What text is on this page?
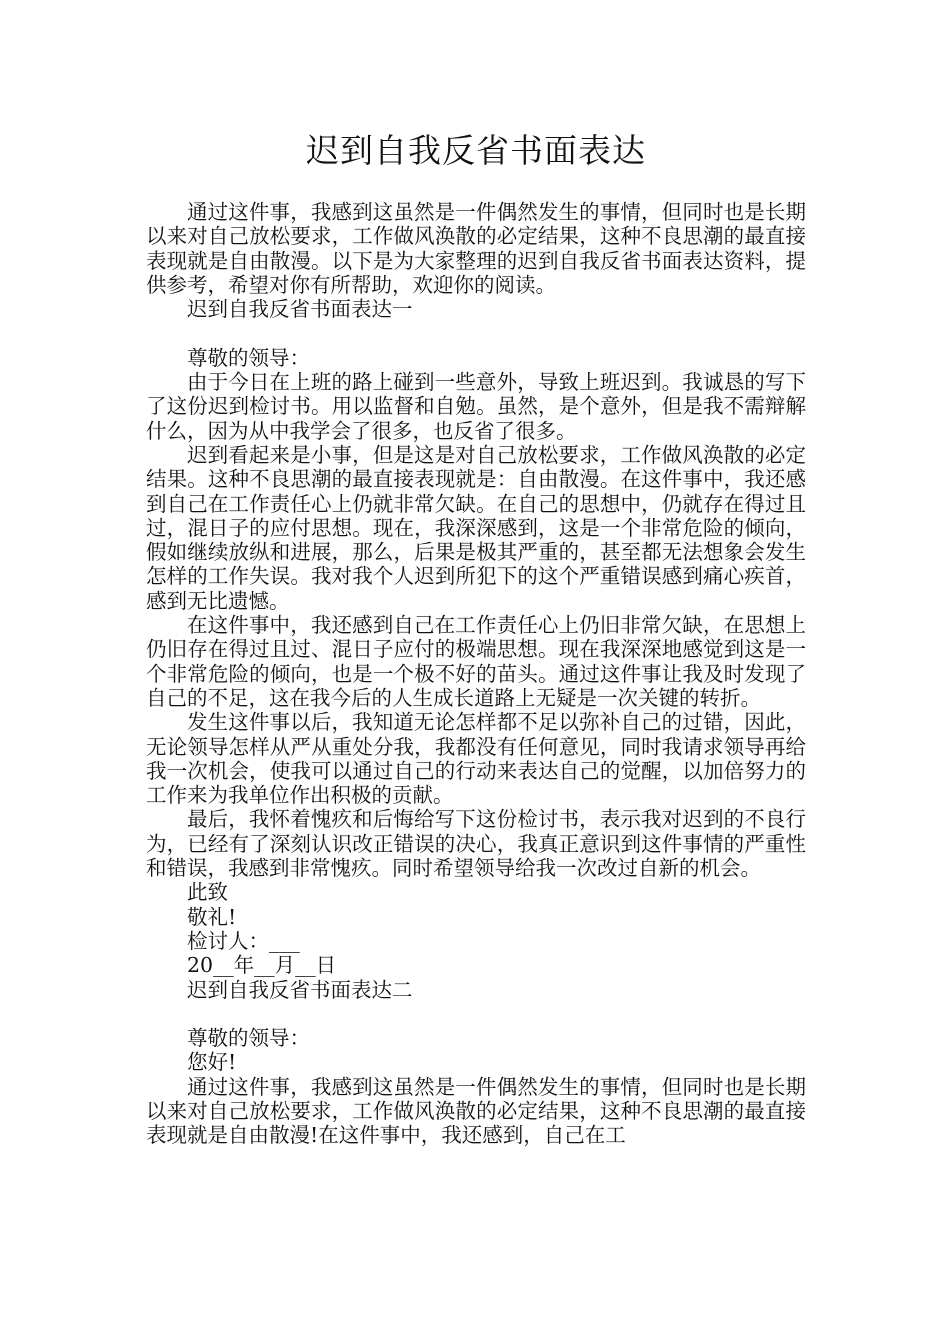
迟到自我反省书面表达

通过这件事，我感到这虽然是一件偶然发生的事情，但同时也是长期以来对自己放松要求，工作做风涣散的必定结果，这种不良思潮的最直接表现就是自由散漫。以下是为大家整理的迟到自我反省书面表达资料，提供参考，希望对你有所帮助，欢迎你的阅读。

迟到自我反省书面表达一

尊敬的领导：

由于今日在上班的路上碰到一些意外，导致上班迟到。我诚恳的写下了这份迟到检讨书。用以监督和自勉。虽然，是个意外，但是我不需辩解什么，因为从中我学会了很多，也反省了很多。

迟到看起来是小事，但是这是对自己放松要求，工作做风涣散的必定结果。这种不良思潮的最直接表现就是：自由散漫。在这件事中，我还感到自己在工作责任心上仍就非常欠缺。在自己的思想中，仍就存在得过且过，混日子的应付思想。现在，我深深感到，这是一个非常危险的倾向，假如继续放纵和进展，那么，后果是极其严重的，甚至都无法想象会发生怎样的工作失误。我对我个人迟到所犯下的这个严重错误感到痛心疾首，感到无比遗憾。

在这件事中，我还感到自己在工作责任心上仍旧非常欠缺，在思想上仍旧存在得过且过、混日子应付的极端思想。现在我深深地感觉到这是一个非常危险的倾向，也是一个极不好的苗头。通过这件事让我及时发现了自己的不足，这在我今后的人生成长道路上无疑是一次关键的转折。

发生这件事以后，我知道无论怎样都不足以弥补自己的过错，因此，无论领导怎样从严从重处分我，我都没有任何意见，同时我请求领导再给我一次机会，使我可以通过自己的行动来表达自己的觉醒，以加倍努力的工作来为我单位作出积极的贡献。

最后，我怀着愧疚和后悔给写下这份检讨书，表示我对迟到的不良行为，已经有了深刻认识改正错误的决心，我真正意识到这件事情的严重性和错误，我感到非常愧疚。同时希望领导给我一次改过自新的机会。

此致

敬礼!

检讨人：___

20__年__月__日

迟到自我反省书面表达二

尊敬的领导：

您好!

通过这件事，我感到这虽然是一件偶然发生的事情，但同时也是长期以来对自己放松要求，工作做风涣散的必定结果，这种不良思潮的最直接表现就是自由散漫!在这件事中，我还感到，自己在工
